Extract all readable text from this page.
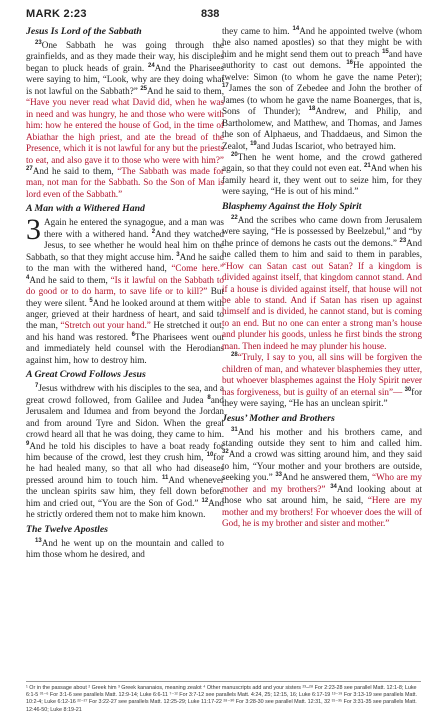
MARK 2:23	838
Jesus Is Lord of the Sabbath

$^{23}$One Sabbath he was going through the grainfields, and as they made their way, his disciples began to pluck heads of grain. $^{24}$And the Pharisees were saying to him, “Look, why are they doing what is not lawful on the Sabbath?” $^{25}$And he said to them, “Have you never read what David did, when he was in need and was hungry, he and those who were with him: how he entered the house of God, in the time of Abiathar the high priest, and ate the bread of the Presence, which it is not lawful for any but the priests to eat, and also gave it to those who were with him?” $^{27}$And he said to them, “The Sabbath was made for man, not man for the Sabbath. So the Son of Man is lord even of the Sabbath.”

A Man with a Withered Hand

3 Again he entered the synagogue, and a man was there with a withered hand. $^2$And they watched Jesus, to see whether he would heal him on the Sabbath, so that they might accuse him. $^3$And he said to the man with the withered hand, “Come here.” $^4$And he said to them, “Is it lawful on the Sabbath to do good or to do harm, to save life or to kill?” But they were silent. $^5$And he looked around at them with anger, grieved at their hardness of heart, and said to the man, “Stretch out your hand.” He stretched it out, and his hand was restored. $^6$The Pharisees went out and immediately held counsel with the Herodians against him, how to destroy him.

A Great Crowd Follows Jesus

$^7$Jesus withdrew with his disciples to the sea, and a great crowd followed, from Galilee and Judea $^8$and Jerusalem and Idumea and from beyond the Jordan and from around Tyre and Sidon. When the great crowd heard all that he was doing, they came to him. $^9$And he told his disciples to have a boat ready for him because of the crowd, lest they crush him, $^{10}$for he had healed many, so that all who had diseases pressed around him to touch him. $^{11}$And whenever the unclean spirits saw him, they fell down before him and cried out, “You are the Son of God.” $^{12}$And he strictly ordered them not to make him known.

The Twelve Apostles

$^{13}$And he went up on the mountain and called to him those whom he desired, and

they came to him. $^{14}$And he appointed twelve (whom he also named apostles) so that they might be with him and he might send them out to preach $^{15}$and have authority to cast out demons. $^{16}$He appointed the twelve: Simon (to whom he gave the name Peter); $^{17}$James the son of Zebedee and John the brother of James (to whom he gave the name Boanerges, that is, Sons of Thunder); $^{18}$Andrew, and Philip, and Bartholomew, and Matthew, and Thomas, and James the son of Alphaeus, and Thaddaeus, and Simon the Zealot, $^{19}$and Judas Iscariot, who betrayed him.

$^{20}$Then he went home, and the crowd gathered again, so that they could not even eat. $^{21}$And when his family heard it, they went out to seize him, for they were saying, “He is out of his mind.”

Blasphemy Against the Holy Spirit

$^{22}$And the scribes who came down from Jerusalem were saying, “He is possessed by Beelzebul,” and “by the prince of demons he casts out the demons.” $^{23}$And he called them to him and said to them in parables, “How can Satan cast out Satan? If a kingdom is divided against itself, that kingdom cannot stand. And if a house is divided against itself, that house will not be able to stand. And if Satan has risen up against himself and is divided, he cannot stand, but is coming to an end. But no one can enter a strong man’s house and plunder his goods, unless he first binds the strong man. Then indeed he may plunder his house.

$^{28}$“Truly, I say to you, all sins will be forgiven the children of man, and whatever blasphemies they utter, but whoever blasphemes against the Holy Spirit never has forgiveness, but is guilty of an eternal sin”— $^{30}$for they were saying, “He has an unclean spirit.”

Jesus’ Mother and Brothers

$^{31}$And his mother and his brothers came, and standing outside they sent to him and called him. $^{32}$And a crowd was sitting around him, and they said to him, “Your mother and your brothers are outside, seeking you.” $^{33}$And he answered them, “Who are my mother and my brothers?” $^{34}$And looking about at those who sat around him, he said, “Here are my mother and my brothers! For whoever does the will of God, he is my brother and sister and mother.”

¹ Or in the passage about ² Greek him ³ Greek kananaios, meaning zealot ⁴ Other manuscripts add and your sisters ²³–²⁸ For 2:23-28 see parallel Matt. 12:1-8; Luke 6:1-5 ³¹⁻⁶ For 3:1-6 see parallels Matt. 12:9-14; Luke 6:6-11 ⁷⁻¹² For 3:7-12 see parallels Matt. 4:24, 25; 12:15, 16; Luke 6:17-19 ¹³⁻¹⁹ For 3:13-19 see parallels Matt. 10:2-4; Luke 6:12-16 ²²⁻²⁷ For 3:22-27 see parallels Matt. 12:25-29; Luke 11:17-22 ²⁸⁻³⁰ For 3:28-30 see parallel Matt. 12:31, 32 ³¹⁻³⁵ For 3:31-35 see parallels Matt. 12:46-50; Luke 8:19-21
